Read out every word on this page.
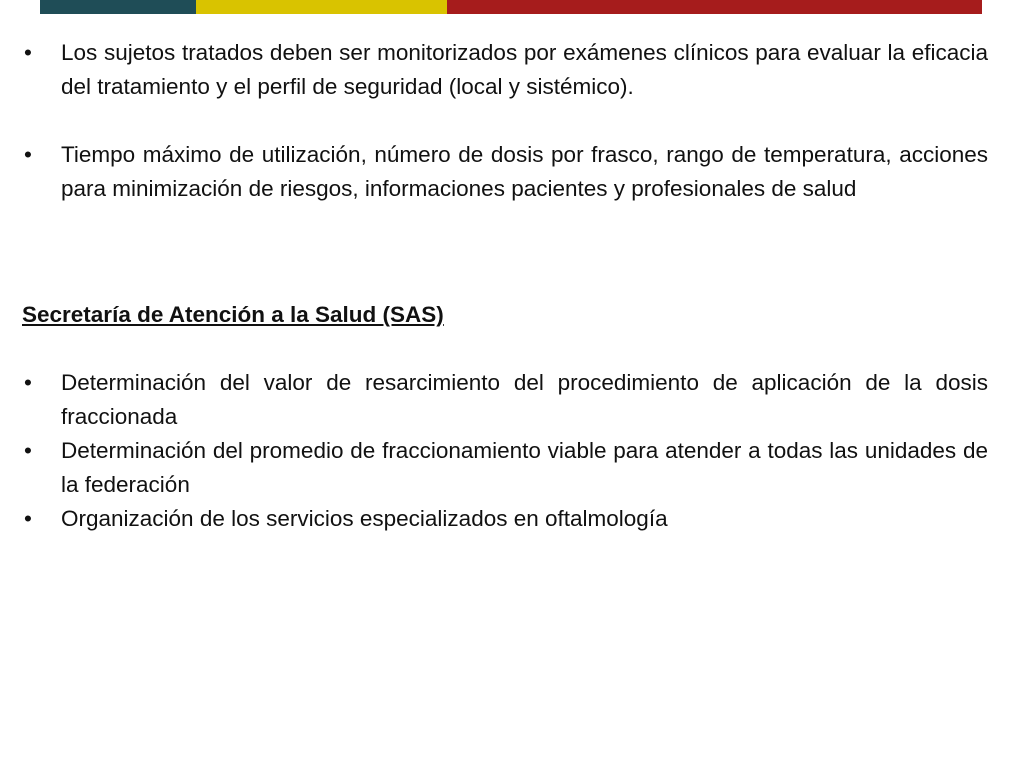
• Los sujetos tratados deben ser monitorizados por exámenes clínicos para evaluar la eficacia del tratamiento y el perfil de seguridad (local y sistémico).
• Tiempo máximo de utilización, número de dosis por frasco, rango de temperatura, acciones para minimización de riesgos, informaciones pacientes y profesionales de salud
Secretaría de Atención a la Salud (SAS)
• Determinación del valor de resarcimiento del procedimiento de aplicación de la dosis fraccionada
• Determinación del promedio de fraccionamiento viable para atender a todas las unidades de la federación
• Organización de los servicios especializados en oftalmología
